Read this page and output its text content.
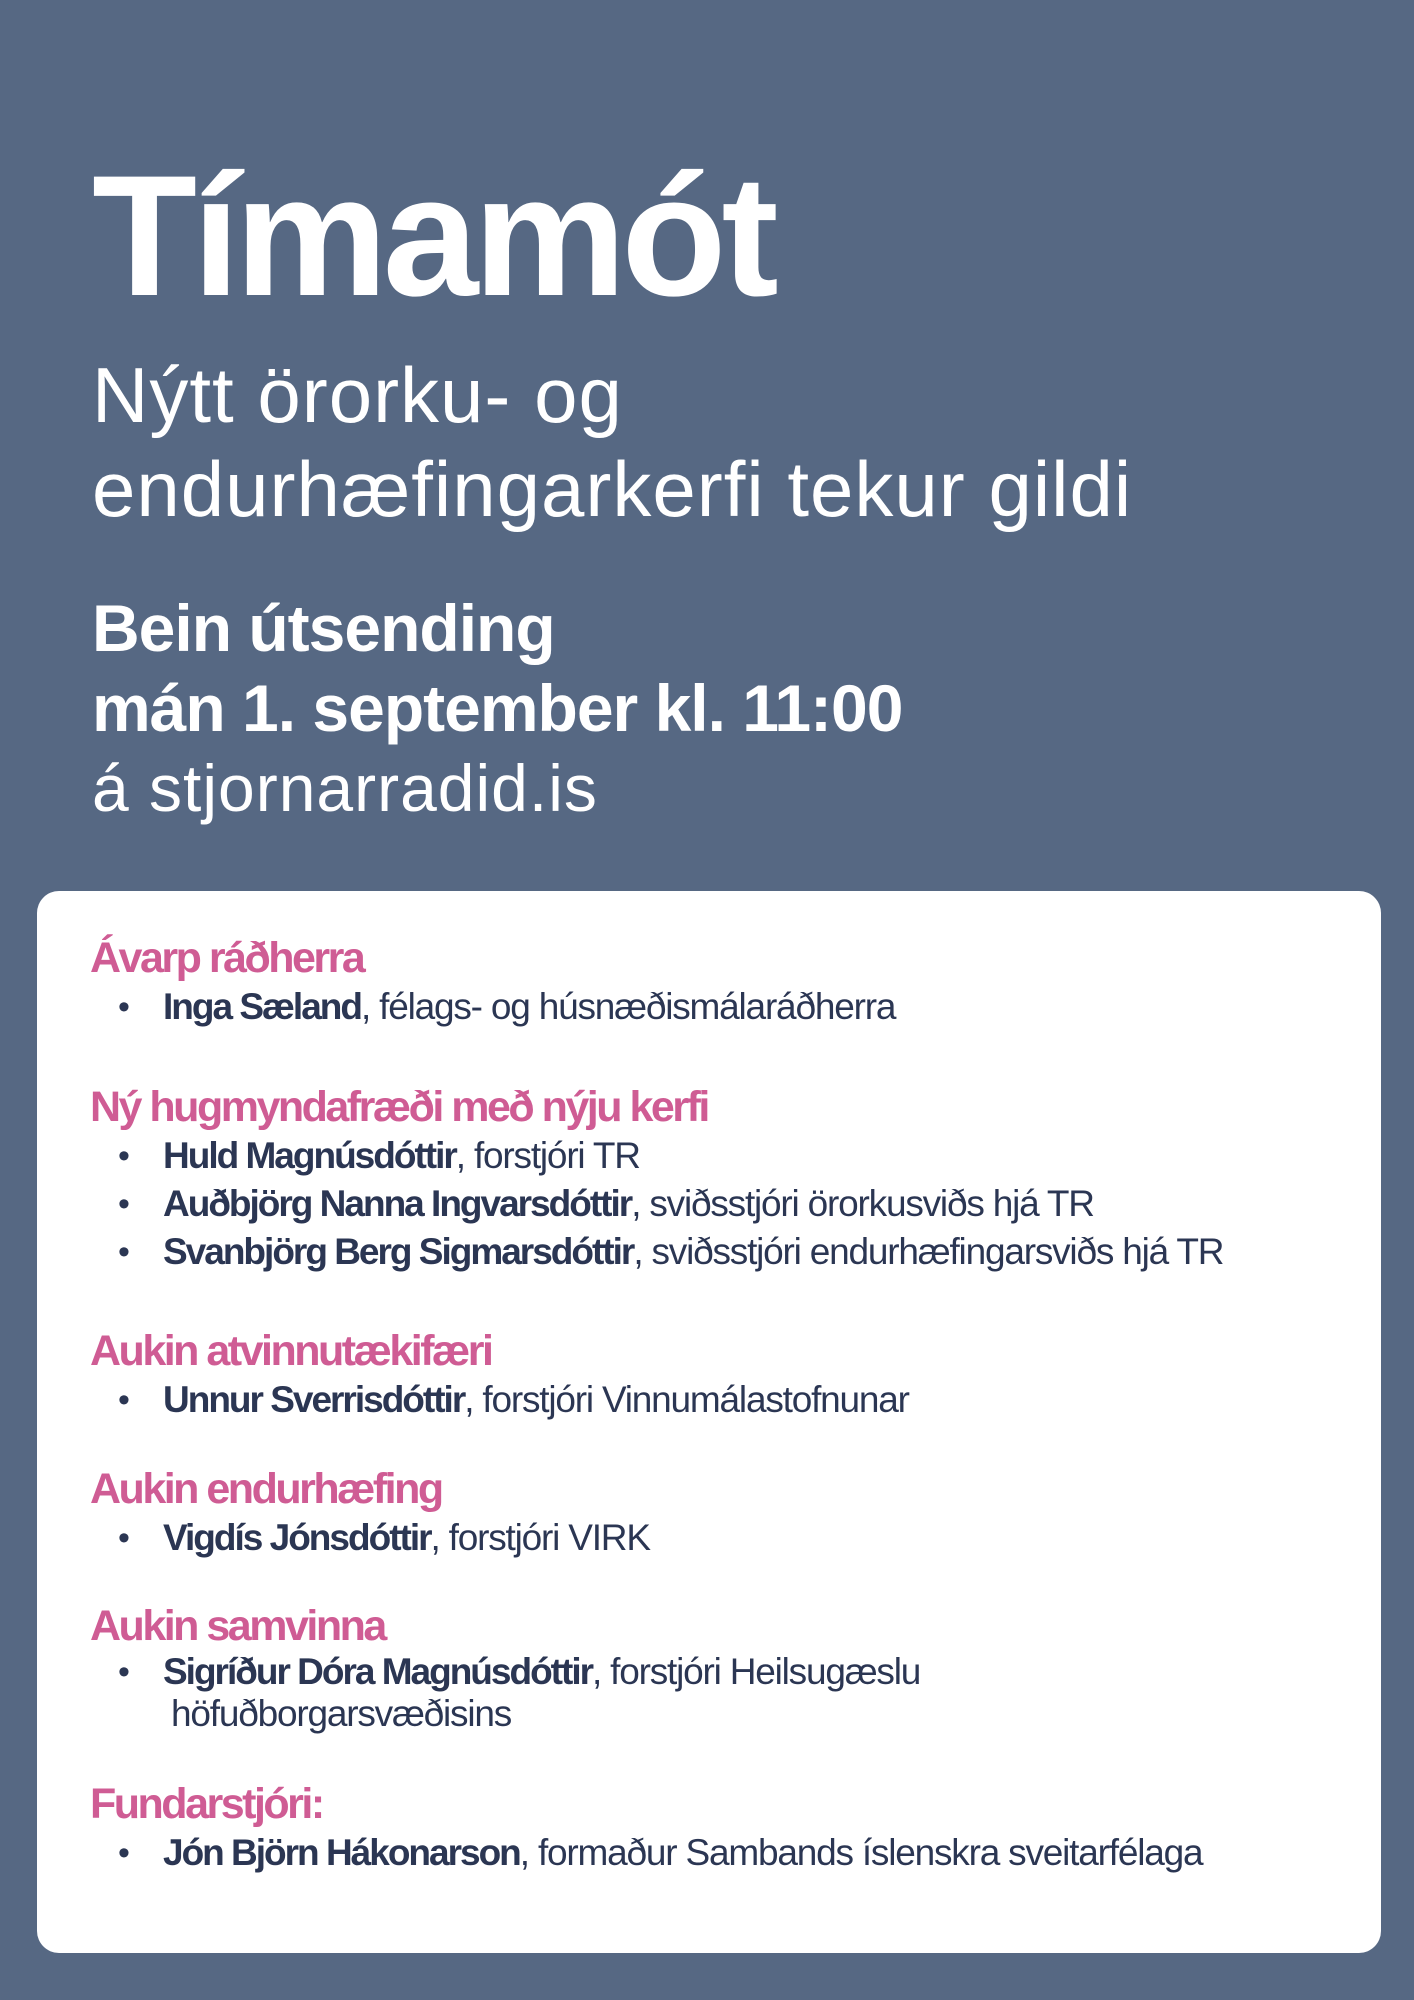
Tímamót

Nýtt örorku- og
endurhæfingarkerfi tekur gildi

Bein útsending
mán 1. september kl. 11:00
á stjornarradid.is
Ávarp ráðherra
• Inga Sæland, félags- og húsnæðismálaráðherra
Ný hugmyndafræði með nýju kerfi
• Huld Magnúsdóttir, forstjóri TR
• Auðbjörg Nanna Ingvarsdóttir, sviðsstjóri örorkusviðs hjá TR
• Svanbjörg Berg Sigmarsdóttir, sviðsstjóri endurhæfingarsviðs hjá TR
Aukin atvinnutækifæri
• Unnur Sverrisdóttir, forstjóri Vinnumálastofnunar
Aukin endurhæfing
• Vigdís Jónsdóttir, forstjóri VIRK
Aukin samvinna
• Sigríður Dóra Magnúsdóttir, forstjóri Heilsugæslu
höfuðborgarsvæðisins
Fundarstjóri:
• Jón Björn Hákonarson, formaður Sambands íslenskra sveitarfélaga
